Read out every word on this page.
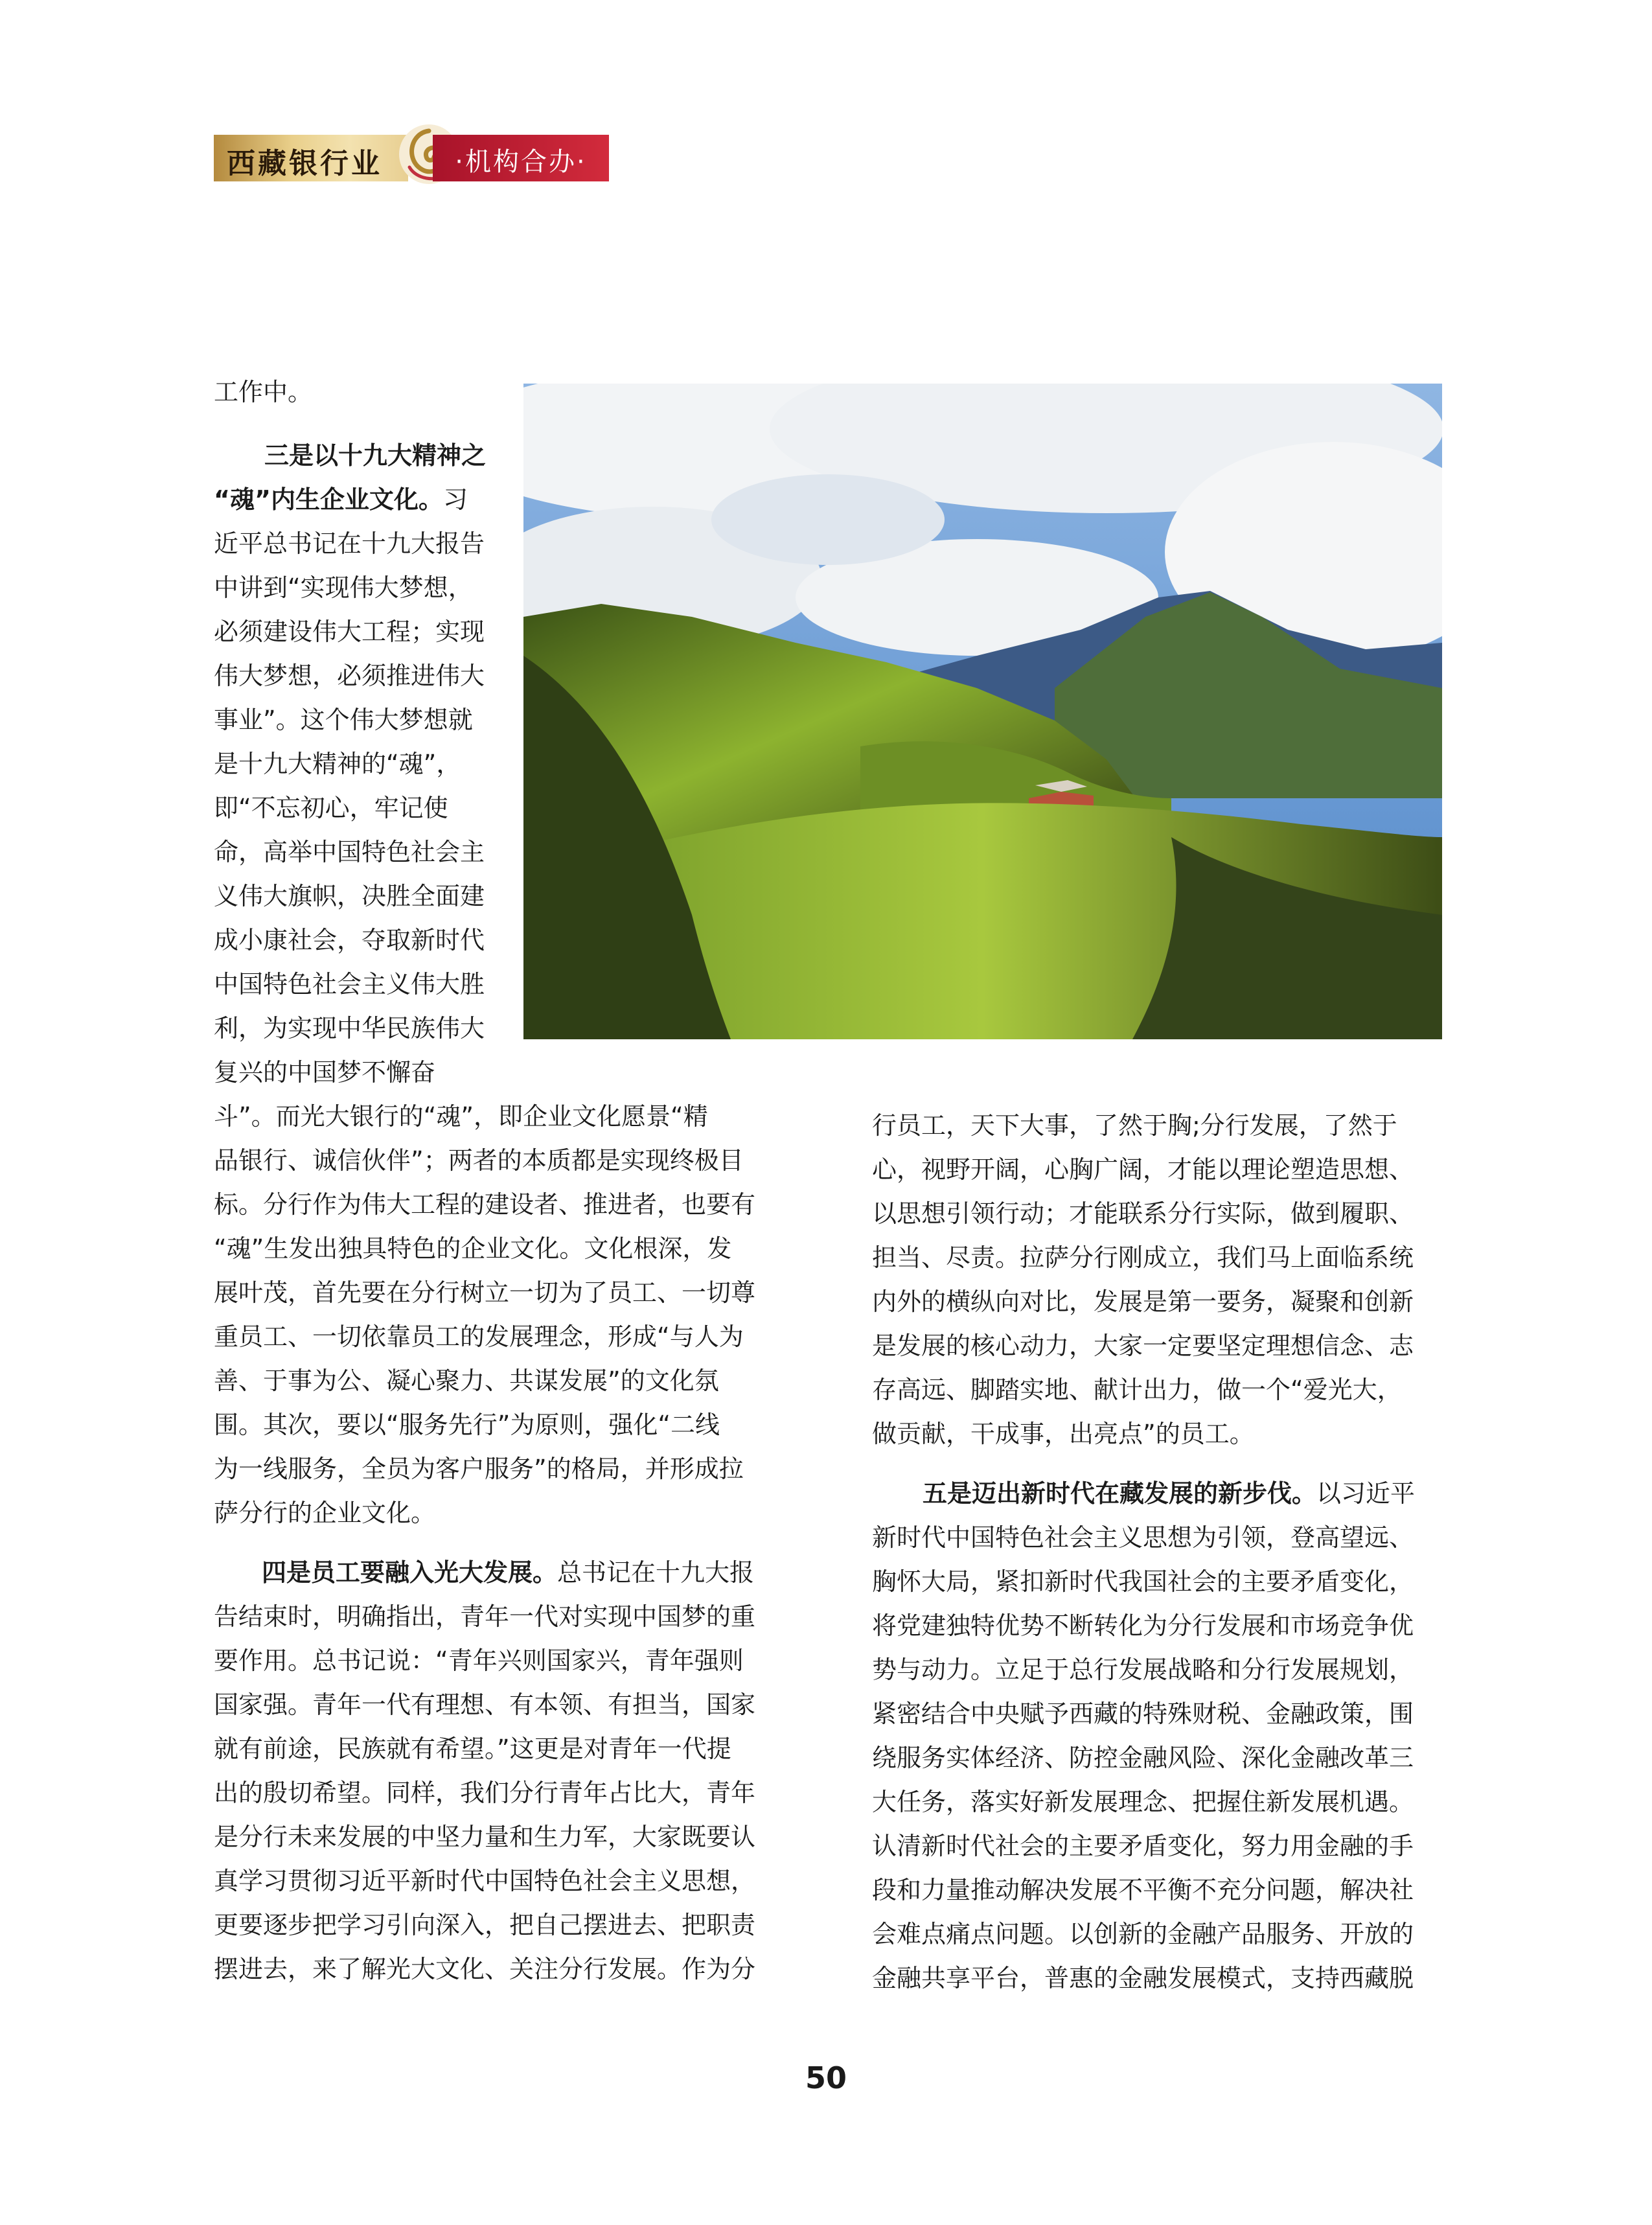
西藏银行业	·机构合办·

工作中。

三是以十九大精神之

“魂”内生企业文化。习

近平总书记在十九大报告

中讲到“实现伟大梦想，

必须建设伟大工程；实现

伟大梦想，必须推进伟大

事业”。这个伟大梦想就

是十九大精神的“魂”，

即“不忘初心，牢记使

命，高举中国特色社会主

义伟大旗帜，决胜全面建

成小康社会，夺取新时代

中国特色社会主义伟大胜

利，为实现中华民族伟大

复兴的中国梦不懈奋

斗”。而光大银行的“魂”，即企业文化愿景“精

品银行、诚信伙伴”；两者的本质都是实现终极目

标。分行作为伟大工程的建设者、推进者，也要有

“魂”生发出独具特色的企业文化。文化根深，发

展叶茂，首先要在分行树立一切为了员工、一切尊

重员工、一切依靠员工的发展理念，形成“与人为

善、于事为公、凝心聚力、共谋发展”的文化氛

围。其次，要以“服务先行”为原则，强化“二线

为一线服务，全员为客户服务”的格局，并形成拉

萨分行的企业文化。

四是员工要融入光大发展。总书记在十九大报

告结束时，明确指出，青年一代对实现中国梦的重

要作用。总书记说：“青年兴则国家兴，青年强则

国家强。青年一代有理想、有本领、有担当，国家

就有前途，民族就有希望。”这更是对青年一代提

出的殷切希望。同样，我们分行青年占比大，青年

是分行未来发展的中坚力量和生力军，大家既要认

真学习贯彻习近平新时代中国特色社会主义思想，

更要逐步把学习引向深入，把自己摆进去、把职责

摆进去，来了解光大文化、关注分行发展。作为分

行员工，天下大事，了然于胸;分行发展，了然于

心，视野开阔，心胸广阔，才能以理论塑造思想、

以思想引领行动；才能联系分行实际，做到履职、

担当、尽责。拉萨分行刚成立，我们马上面临系统

内外的横纵向对比，发展是第一要务，凝聚和创新

是发展的核心动力，大家一定要坚定理想信念、志

存高远、脚踏实地、献计出力，做一个“爱光大，

做贡献，干成事，出亮点”的员工。

五是迈出新时代在藏发展的新步伐。以习近平

新时代中国特色社会主义思想为引领，登高望远、

胸怀大局，紧扣新时代我国社会的主要矛盾变化，

将党建独特优势不断转化为分行发展和市场竞争优

势与动力。立足于总行发展战略和分行发展规划，

紧密结合中央赋予西藏的特殊财税、金融政策，围

绕服务实体经济、防控金融风险、深化金融改革三

大任务，落实好新发展理念、把握住新发展机遇。

认清新时代社会的主要矛盾变化，努力用金融的手

段和力量推动解决发展不平衡不充分问题，解决社

会难点痛点问题。以创新的金融产品服务、开放的

金融共享平台，普惠的金融发展模式，支持西藏脱

50
